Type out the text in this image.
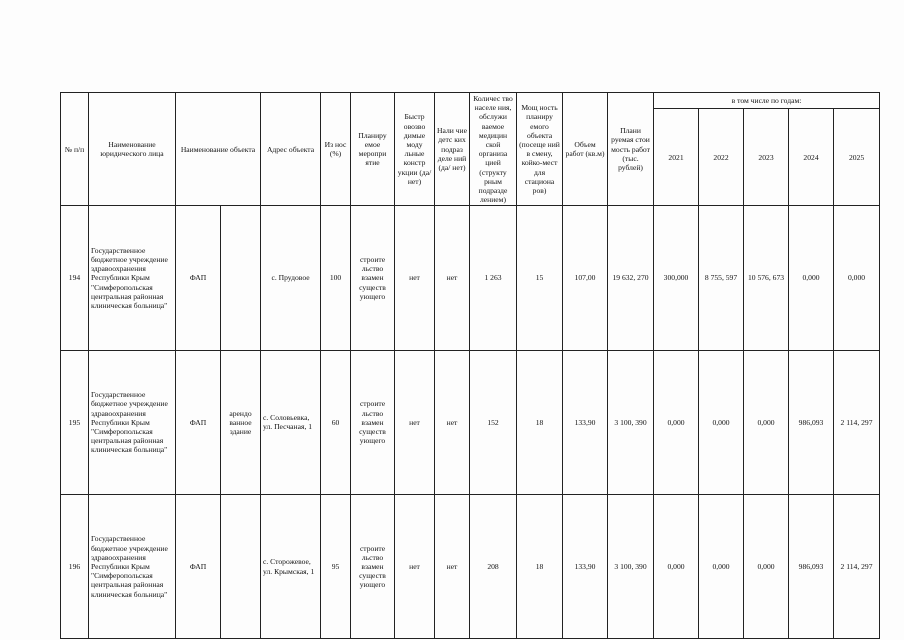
№ п/п	Наименование юридического лица	Наименование объекта		Адрес объекта	Из нос (%)	Планиру емое меропри ятие	Быстр овозво димые моду льные констр укции (да/ нет)	Нали чие детс ких подраз деле ний (да/ нет)	Количес тво населе ния, обслужи ваемое медицин ской организа цией (структу рным подразде лением)	Мощ ность планиру емого объекта (посеще ний в смену, койко-мест для стациона ров)	Объем работ (кв.м)	Плани руемая стои мость работ (тыс. рублей)	в том числе по годам:				
													2021	2022	2023	2024	2025
194	Государственное бюджетное учреждение здравоохранения Республики Крым "Симферопольская центральная районная клиническая больница"	ФАП		с. Прудовое	100	строите льство взамен существ ующего	нет	нет	1 263	15	107,00	19 632, 270	300,000	8 755, 597	10 576, 673	0,000	0,000
195	Государственное бюджетное учреждение здравоохранения Республики Крым "Симферопольская центральная районная клиническая больница"	ФАП	арендо ванное здание	с. Соловьевка, ул. Песчаная, 1	60	строите льство взамен существ ующего	нет	нет	152	18	133,90	3 100, 390	0,000	0,000	0,000	986,093	2 114, 297
196	Государственное бюджетное учреждение здравоохранения Республики Крым "Симферопольская центральная районная клиническая больница"	ФАП		с. Сторожевое, ул. Крымская, 1	95	строите льство взамен существ ующего	нет	нет	208	18	133,90	3 100, 390	0,000	0,000	0,000	986,093	2 114, 297
